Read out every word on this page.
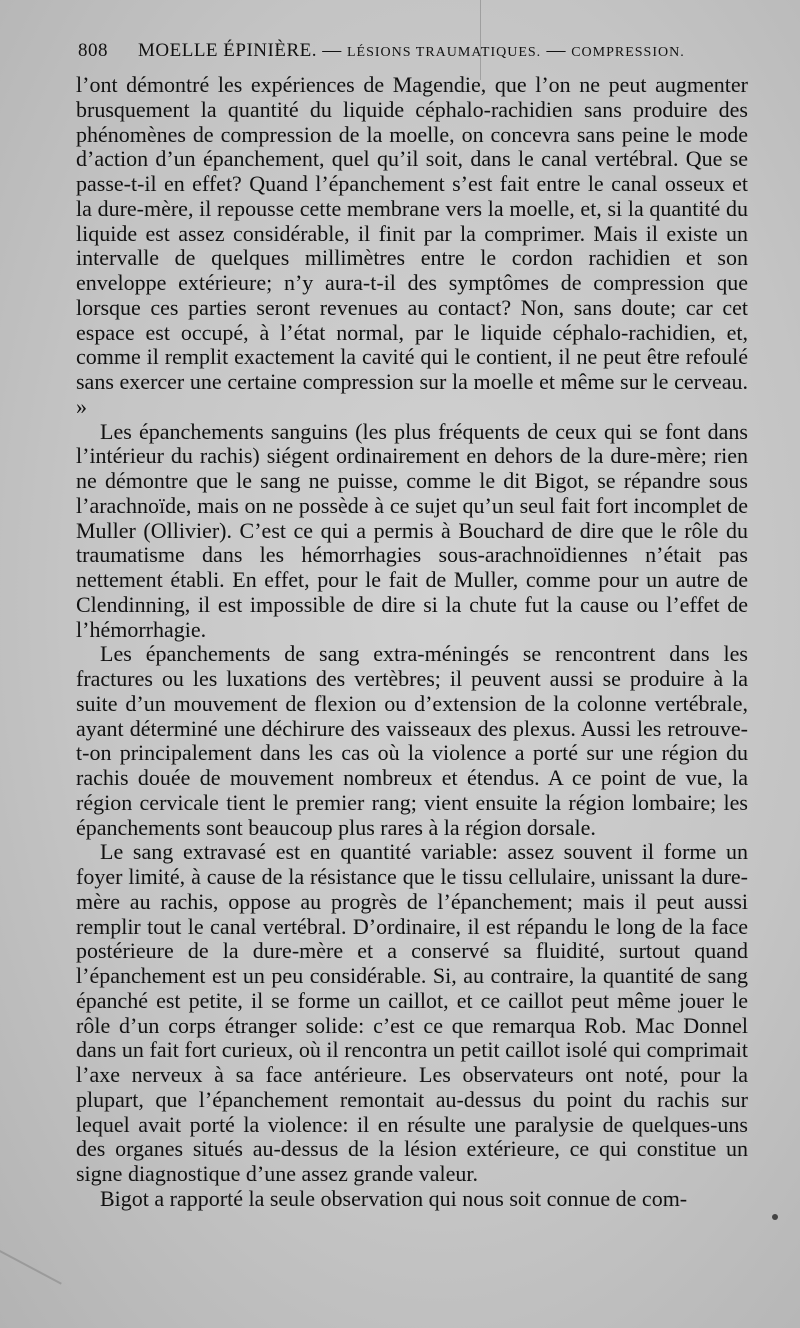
808 MOELLE ÉPINIÈRE. — LÉSIONS TRAUMATIQUES. — COMPRESSION.

l’ont démontré les expériences de Magendie, que l’on ne peut augmenter brusquement la quantité du liquide céphalo-rachidien sans produire des phénomènes de compression de la moelle, on concevra sans peine le mode d’action d’un épanchement, quel qu’il soit, dans le canal vertébral. Que se passe-t-il en effet? Quand l’épanchement s’est fait entre le canal osseux et la dure-mère, il repousse cette membrane vers la moelle, et, si la quantité du liquide est assez considérable, il finit par la comprimer. Mais il existe un intervalle de quelques millimètres entre le cordon rachidien et son enveloppe extérieure; n’y aura-t-il des symptômes de compression que lorsque ces parties seront revenues au contact? Non, sans doute; car cet espace est occupé, à l’état normal, par le liquide céphalo-rachidien, et, comme il remplit exactement la cavité qui le contient, il ne peut être refoulé sans exercer une certaine compression sur la moelle et même sur le cerveau. »

Les épanchements sanguins (les plus fréquents de ceux qui se font dans l’intérieur du rachis) siégent ordinairement en dehors de la dure-mère; rien ne démontre que le sang ne puisse, comme le dit Bigot, se répandre sous l’arachnoïde, mais on ne possède à ce sujet qu’un seul fait fort incomplet de Muller (Ollivier). C’est ce qui a permis à Bouchard de dire que le rôle du traumatisme dans les hémorrhagies sous-arachnoïdiennes n’était pas nettement établi. En effet, pour le fait de Muller, comme pour un autre de Clendinning, il est impossible de dire si la chute fut la cause ou l’effet de l’hémorrhagie.

Les épanchements de sang extra-méningés se rencontrent dans les fractures ou les luxations des vertèbres; il peuvent aussi se produire à la suite d’un mouvement de flexion ou d’extension de la colonne vertébrale, ayant déterminé une déchirure des vaisseaux des plexus. Aussi les retrouve-t-on principalement dans les cas où la violence a porté sur une région du rachis douée de mouvement nombreux et étendus. A ce point de vue, la région cervicale tient le premier rang; vient ensuite la région lombaire; les épanchements sont beaucoup plus rares à la région dorsale.

Le sang extravasé est en quantité variable: assez souvent il forme un foyer limité, à cause de la résistance que le tissu cellulaire, unissant la dure-mère au rachis, oppose au progrès de l’épanchement; mais il peut aussi remplir tout le canal vertébral. D’ordinaire, il est répandu le long de la face postérieure de la dure-mère et a conservé sa fluidité, surtout quand l’épanchement est un peu considérable. Si, au contraire, la quantité de sang épanché est petite, il se forme un caillot, et ce caillot peut même jouer le rôle d’un corps étranger solide: c’est ce que remarqua Rob. Mac Donnel dans un fait fort curieux, où il rencontra un petit caillot isolé qui comprimait l’axe nerveux à sa face antérieure. Les observateurs ont noté, pour la plupart, que l’épanchement remontait au-dessus du point du rachis sur lequel avait porté la violence: il en résulte une paralysie de quelques-uns des organes situés au-dessus de la lésion extérieure, ce qui constitue un signe diagnostique d’une assez grande valeur.

Bigot a rapporté la seule observation qui nous soit connue de com-
